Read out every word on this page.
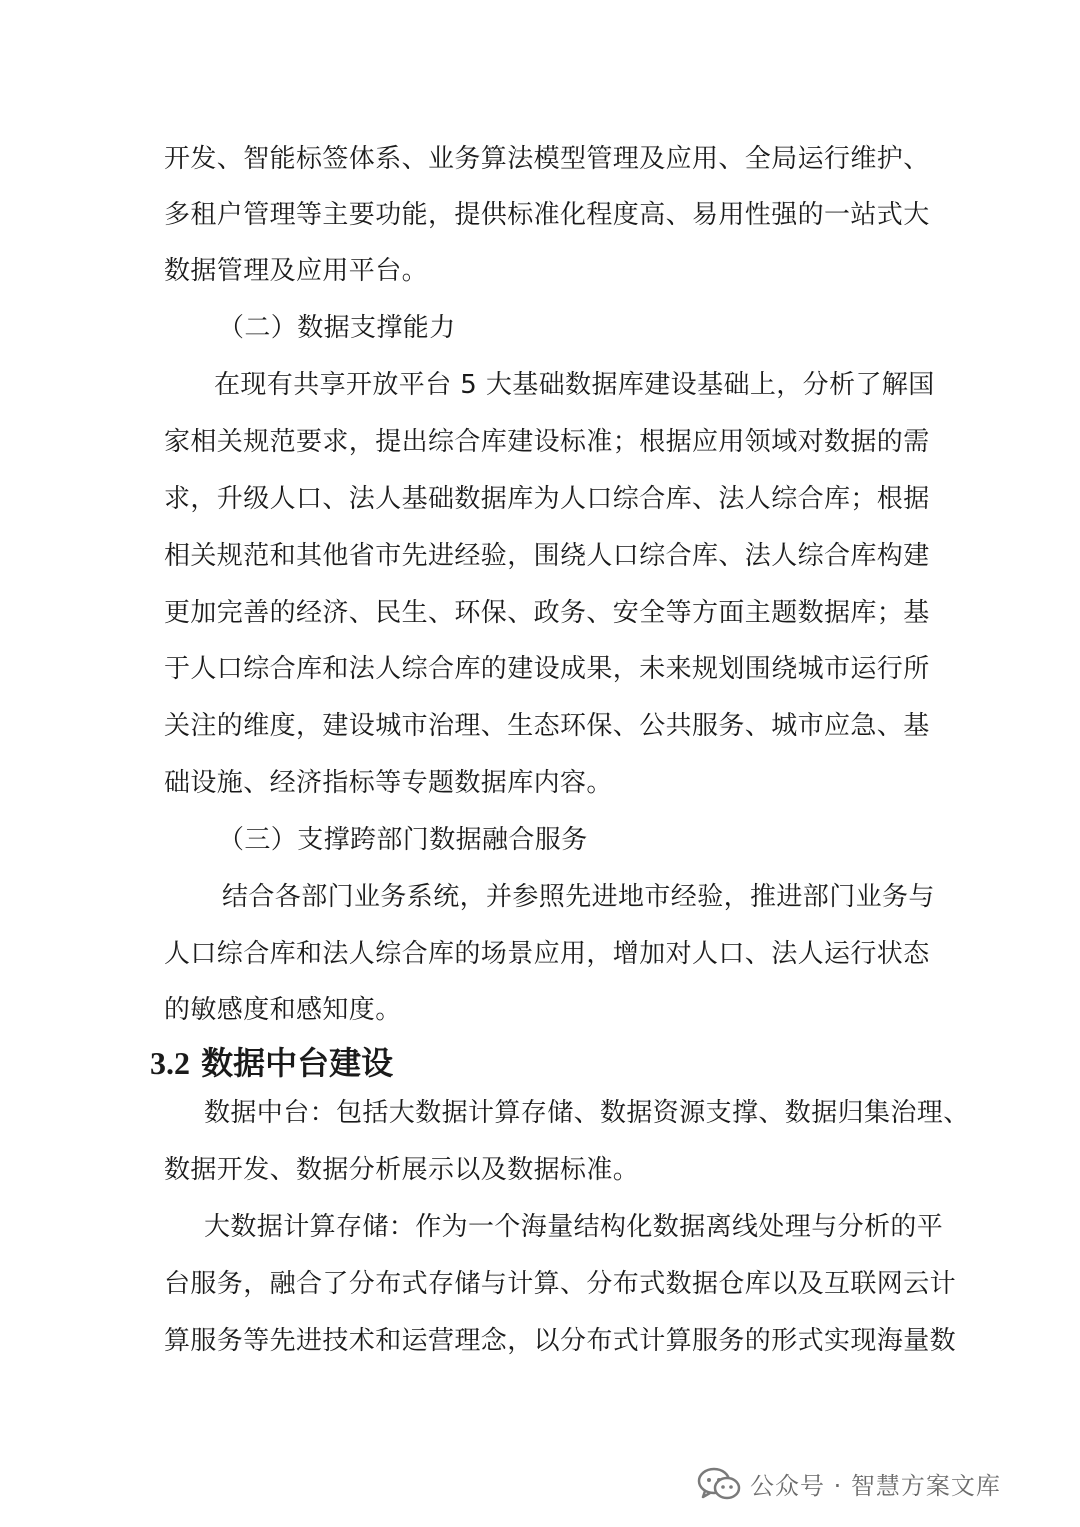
开发、智能标签体系、业务算法模型管理及应用、全局运行维护、

多租户管理等主要功能，提供标准化程度高、易用性强的一站式大

数据管理及应用平台。

（二）数据支撑能力

在现有共享开放平台 5 大基础数据库建设基础上，分析了解国

家相关规范要求，提出综合库建设标准；根据应用领域对数据的需

求，升级人口、法人基础数据库为人口综合库、法人综合库；根据

相关规范和其他省市先进经验，围绕人口综合库、法人综合库构建

更加完善的经济、民生、环保、政务、安全等方面主题数据库；基

于人口综合库和法人综合库的建设成果，未来规划围绕城市运行所

关注的维度，建设城市治理、生态环保、公共服务、城市应急、基

础设施、经济指标等专题数据库内容。

（三）支撑跨部门数据融合服务

结合各部门业务系统，并参照先进地市经验，推进部门业务与

人口综合库和法人综合库的场景应用，增加对人口、法人运行状态

的敏感度和感知度。

3.2 数据中台建设

数据中台：包括大数据计算存储、数据资源支撑、数据归集治理、

数据开发、数据分析展示以及数据标准。

大数据计算存储：作为一个海量结构化数据离线处理与分析的平

台服务，融合了分布式存储与计算、分布式数据仓库以及互联网云计

算服务等先进技术和运营理念，以分布式计算服务的形式实现海量数

公众号 · 智慧方案文库
